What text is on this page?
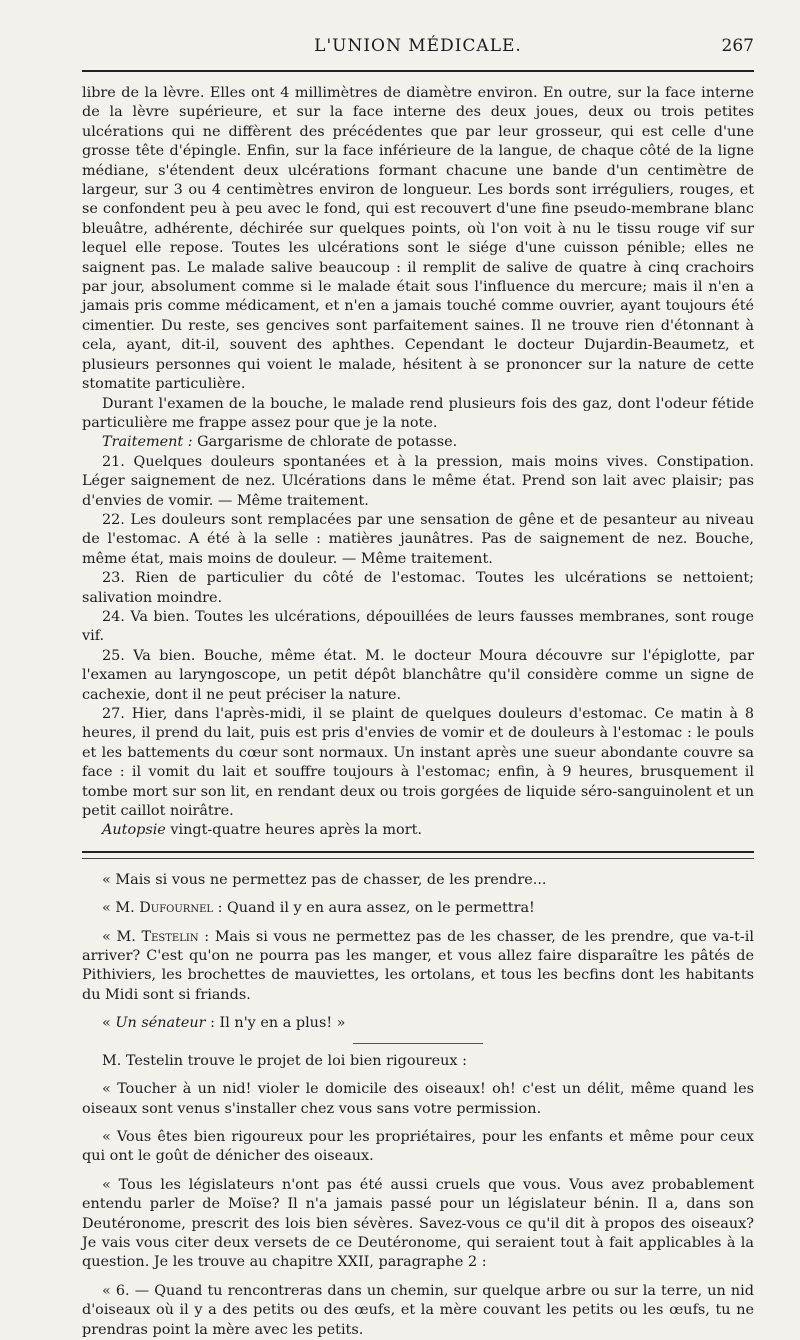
L'UNION MÉDICALE.	267

libre de la lèvre. Elles ont 4 millimètres de diamètre environ. En outre, sur la face interne de la lèvre supérieure, et sur la face interne des deux joues, deux ou trois petites ulcérations qui ne diffèrent des précédentes que par leur grosseur, qui est celle d'une grosse tête d'épingle. Enfin, sur la face inférieure de la langue, de chaque côté de la ligne médiane, s'étendent deux ulcérations formant chacune une bande d'un centimètre de largeur, sur 3 ou 4 centimètres environ de longueur. Les bords sont irréguliers, rouges, et se confondent peu à peu avec le fond, qui est recouvert d'une fine pseudo-membrane blanc bleuâtre, adhérente, déchirée sur quelques points, où l'on voit à nu le tissu rouge vif sur lequel elle repose. Toutes les ulcérations sont le siége d'une cuisson pénible; elles ne saignent pas. Le malade salive beaucoup : il remplit de salive de quatre à cinq crachoirs par jour, absolument comme si le malade était sous l'influence du mercure; mais il n'en a jamais pris comme médicament, et n'en a jamais touché comme ouvrier, ayant toujours été cimentier. Du reste, ses gencives sont parfaitement saines. Il ne trouve rien d'étonnant à cela, ayant, dit-il, souvent des aphthes. Cependant le docteur Dujardin-Beaumetz, et plusieurs personnes qui voient le malade, hésitent à se prononcer sur la nature de cette stomatite particulière.

Durant l'examen de la bouche, le malade rend plusieurs fois des gaz, dont l'odeur fétide particulière me frappe assez pour que je la note.

Traitement : Gargarisme de chlorate de potasse.

21. Quelques douleurs spontanées et à la pression, mais moins vives. Constipation. Léger saignement de nez. Ulcérations dans le même état. Prend son lait avec plaisir; pas d'envies de vomir. — Même traitement.

22. Les douleurs sont remplacées par une sensation de gêne et de pesanteur au niveau de l'estomac. A été à la selle : matières jaunâtres. Pas de saignement de nez. Bouche, même état, mais moins de douleur. — Même traitement.

23. Rien de particulier du côté de l'estomac. Toutes les ulcérations se nettoient; salivation moindre.

24. Va bien. Toutes les ulcérations, dépouillées de leurs fausses membranes, sont rouge vif.

25. Va bien. Bouche, même état. M. le docteur Moura découvre sur l'épiglotte, par l'examen au laryngoscope, un petit dépôt blanchâtre qu'il considère comme un signe de cachexie, dont il ne peut préciser la nature.

27. Hier, dans l'après-midi, il se plaint de quelques douleurs d'estomac. Ce matin à 8 heures, il prend du lait, puis est pris d'envies de vomir et de douleurs à l'estomac : le pouls et les battements du cœur sont normaux. Un instant après une sueur abondante couvre sa face : il vomit du lait et souffre toujours à l'estomac; enfin, à 9 heures, brusquement il tombe mort sur son lit, en rendant deux ou trois gorgées de liquide séro-sanguinolent et un petit caillot noirâtre.

Autopsie vingt-quatre heures après la mort.

« Mais si vous ne permettez pas de chasser, de les prendre...

« M. Dufournel : Quand il y en aura assez, on le permettra!

« M. Testelin : Mais si vous ne permettez pas de les chasser, de les prendre, que va-t-il arriver? C'est qu'on ne pourra pas les manger, et vous allez faire disparaître les pâtés de Pithiviers, les brochettes de mauviettes, les ortolans, et tous les becfins dont les habitants du Midi sont si friands.

« Un sénateur : Il n'y en a plus! »

M. Testelin trouve le projet de loi bien rigoureux :

« Toucher à un nid! violer le domicile des oiseaux! oh! c'est un délit, même quand les oiseaux sont venus s'installer chez vous sans votre permission.

« Vous êtes bien rigoureux pour les propriétaires, pour les enfants et même pour ceux qui ont le goût de dénicher des oiseaux.

« Tous les législateurs n'ont pas été aussi cruels que vous. Vous avez probablement entendu parler de Moïse? Il n'a jamais passé pour un législateur bénin. Il a, dans son Deutéronome, prescrit des lois bien sévères. Savez-vous ce qu'il dit à propos des oiseaux? Je vais vous citer deux versets de ce Deutéronome, qui seraient tout à fait applicables à la question. Je les trouve au chapitre XXII, paragraphe 2 :

« 6. — Quand tu rencontreras dans un chemin, sur quelque arbre ou sur la terre, un nid d'oiseaux où il y a des petits ou des œufs, et la mère couvant les petits ou les œufs, tu ne prendras point la mère avec les petits.
